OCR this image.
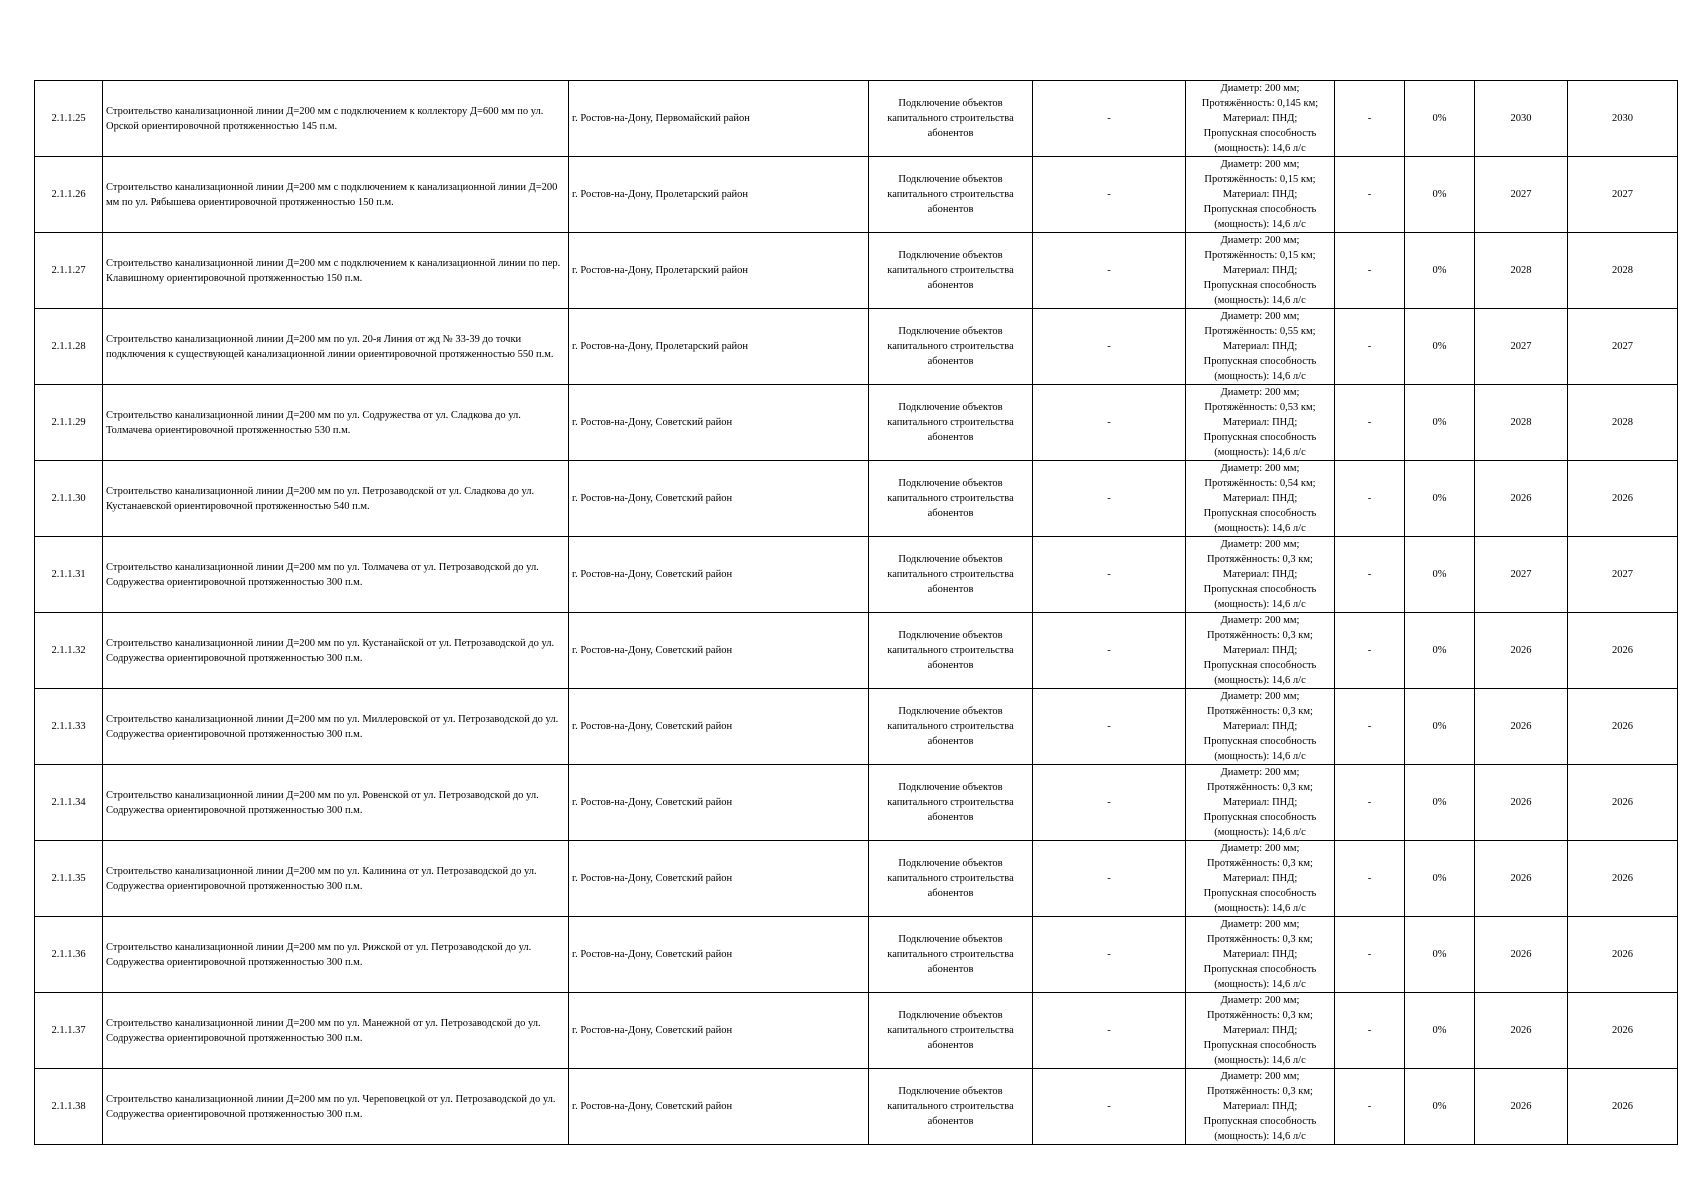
2.1.1.25	Строительство канализационной линии Д=200 мм с подключением к коллектору Д=600 мм по ул. Орской ориентировочной протяженностью 145 п.м.	г. Ростов-на-Дону, Первомайский район	Подключение объектов
капитального строительства
абонентов	-	Диаметр: 200 мм;
Протяжённость: 0,145 км;
Материал: ПНД;
Пропускная способность
(мощность): 14,6 л/с	-	0%	2030	2030
2.1.1.26	Строительство канализационной линии Д=200 мм с подключением к канализационной линии Д=200 мм по ул. Рябышева ориентировочной протяженностью 150 п.м.	г. Ростов-на-Дону, Пролетарский район	Подключение объектов
капитального строительства
абонентов	-	Диаметр: 200 мм;
Протяжённость: 0,15 км;
Материал: ПНД;
Пропускная способность
(мощность): 14,6 л/с	-	0%	2027	2027
2.1.1.27	Строительство канализационной линии Д=200 мм с подключением к канализационной линии по пер. Клавишному ориентировочной протяженностью 150 п.м.	г. Ростов-на-Дону, Пролетарский район	Подключение объектов
капитального строительства
абонентов	-	Диаметр: 200 мм;
Протяжённость: 0,15 км;
Материал: ПНД;
Пропускная способность
(мощность): 14,6 л/с	-	0%	2028	2028
2.1.1.28	Строительство канализационной линии Д=200 мм по ул. 20-я Линия от жд № 33-39 до точки подключения к существующей канализационной линии ориентировочной протяженностью 550 п.м.	г. Ростов-на-Дону, Пролетарский район	Подключение объектов
капитального строительства
абонентов	-	Диаметр: 200 мм;
Протяжённость: 0,55 км;
Материал: ПНД;
Пропускная способность
(мощность): 14,6 л/с	-	0%	2027	2027
2.1.1.29	Строительство канализационной линии Д=200 мм по ул. Содружества от ул. Сладкова до ул. Толмачева ориентировочной протяженностью 530 п.м.	г. Ростов-на-Дону, Советский район	Подключение объектов
капитального строительства
абонентов	-	Диаметр: 200 мм;
Протяжённость: 0,53 км;
Материал: ПНД;
Пропускная способность
(мощность): 14,6 л/с	-	0%	2028	2028
2.1.1.30	Строительство канализационной линии Д=200 мм по ул. Петрозаводской от ул. Сладкова до ул. Кустанаевской ориентировочной протяженностью 540 п.м.	г. Ростов-на-Дону, Советский район	Подключение объектов
капитального строительства
абонентов	-	Диаметр: 200 мм;
Протяжённость: 0,54 км;
Материал: ПНД;
Пропускная способность
(мощность): 14,6 л/с	-	0%	2026	2026
2.1.1.31	Строительство канализационной линии Д=200 мм по ул. Толмачева от ул. Петрозаводской до ул. Содружества ориентировочной протяженностью 300 п.м.	г. Ростов-на-Дону, Советский район	Подключение объектов
капитального строительства
абонентов	-	Диаметр: 200 мм;
Протяжённость: 0,3 км;
Материал: ПНД;
Пропускная способность
(мощность): 14,6 л/с	-	0%	2027	2027
2.1.1.32	Строительство канализационной линии Д=200 мм по ул. Кустанайской от ул. Петрозаводской до ул. Содружества ориентировочной протяженностью 300 п.м.	г. Ростов-на-Дону, Советский район	Подключение объектов
капитального строительства
абонентов	-	Диаметр: 200 мм;
Протяжённость: 0,3 км;
Материал: ПНД;
Пропускная способность
(мощность): 14,6 л/с	-	0%	2026	2026
2.1.1.33	Строительство канализационной линии Д=200 мм по ул. Миллеровской от ул. Петрозаводской до ул. Содружества ориентировочной протяженностью 300 п.м.	г. Ростов-на-Дону, Советский район	Подключение объектов
капитального строительства
абонентов	-	Диаметр: 200 мм;
Протяжённость: 0,3 км;
Материал: ПНД;
Пропускная способность
(мощность): 14,6 л/с	-	0%	2026	2026
2.1.1.34	Строительство канализационной линии Д=200 мм по ул. Ровенской от ул. Петрозаводской до ул. Содружества ориентировочной протяженностью 300 п.м.	г. Ростов-на-Дону, Советский район	Подключение объектов
капитального строительства
абонентов	-	Диаметр: 200 мм;
Протяжённость: 0,3 км;
Материал: ПНД;
Пропускная способность
(мощность): 14,6 л/с	-	0%	2026	2026
2.1.1.35	Строительство канализационной линии Д=200 мм по ул. Калинина от ул. Петрозаводской до ул. Содружества ориентировочной протяженностью 300 п.м.	г. Ростов-на-Дону, Советский район	Подключение объектов
капитального строительства
абонентов	-	Диаметр: 200 мм;
Протяжённость: 0,3 км;
Материал: ПНД;
Пропускная способность
(мощность): 14,6 л/с	-	0%	2026	2026
2.1.1.36	Строительство канализационной линии Д=200 мм по ул. Рижской от ул. Петрозаводской до ул. Содружества ориентировочной протяженностью 300 п.м.	г. Ростов-на-Дону, Советский район	Подключение объектов
капитального строительства
абонентов	-	Диаметр: 200 мм;
Протяжённость: 0,3 км;
Материал: ПНД;
Пропускная способность
(мощность): 14,6 л/с	-	0%	2026	2026
2.1.1.37	Строительство канализационной линии Д=200 мм по ул. Манежной от ул. Петрозаводской до ул. Содружества ориентировочной протяженностью 300 п.м.	г. Ростов-на-Дону, Советский район	Подключение объектов
капитального строительства
абонентов	-	Диаметр: 200 мм;
Протяжённость: 0,3 км;
Материал: ПНД;
Пропускная способность
(мощность): 14,6 л/с	-	0%	2026	2026
2.1.1.38	Строительство канализационной линии Д=200 мм по ул. Череповецкой от ул. Петрозаводской до ул. Содружества ориентировочной протяженностью 300 п.м.	г. Ростов-на-Дону, Советский район	Подключение объектов
капитального строительства
абонентов	-	Диаметр: 200 мм;
Протяжённость: 0,3 км;
Материал: ПНД;
Пропускная способность
(мощность): 14,6 л/с	-	0%	2026	2026
